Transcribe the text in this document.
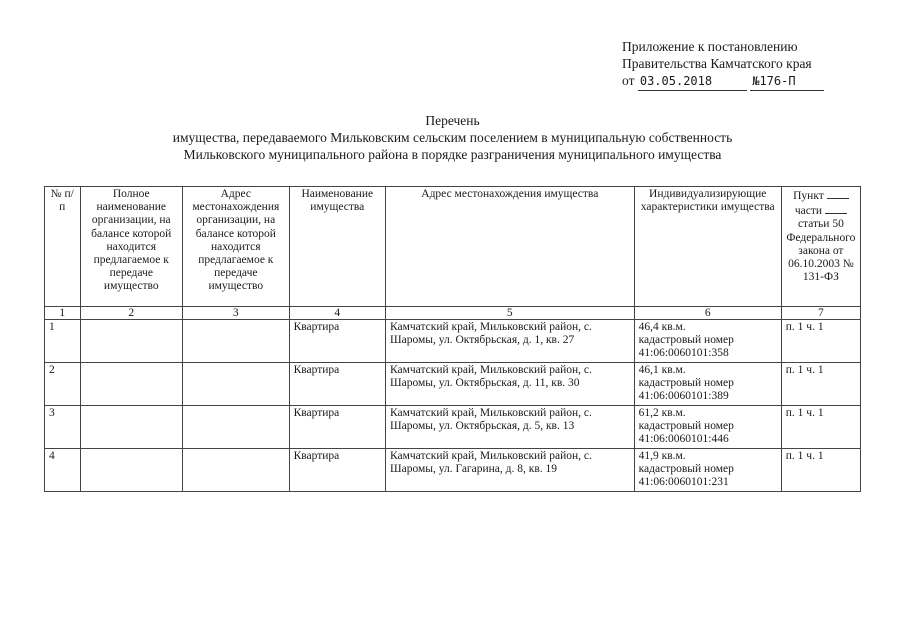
Приложение к постановлению
Правительства Камчатского края
от 03.05.2018	№176-П
Перечень
имущества, передаваемого Мильковским сельским поселением в муниципальную собственность
Мильковского муниципального района в порядке разграничения муниципального имущества
№ п/п	Полное наименование организации, на балансе которой находится предлагаемое к передаче имущество	Адрес местонахождения организации, на балансе которой находится предлагаемое к передаче имущество	Наименование имущества	Адрес местонахождения имущества	Индивидуализирующие характеристики имущества	Пункт
части
статьи 50 Федерального закона от 06.10.2003 № 131-ФЗ
1	2	3	4	5	6	7
1			Квартира	Камчатский край, Мильковский район, с. Шаромы, ул. Октябрьская, д. 1, кв. 27	46,4 кв.м.
кадастровый номер
41:06:0060101:358	п. 1 ч. 1
2			Квартира	Камчатский край, Мильковский район, с. Шаромы, ул. Октябрьская, д. 11, кв. 30	46,1 кв.м.
кадастровый номер
41:06:0060101:389	п. 1 ч. 1
3			Квартира	Камчатский край, Мильковский район, с. Шаромы, ул. Октябрьская, д. 5, кв. 13	61,2 кв.м.
кадастровый номер
41:06:0060101:446	п. 1 ч. 1
4			Квартира	Камчатский край, Мильковский район, с. Шаромы, ул. Гагарина, д. 8, кв. 19	41,9 кв.м.
кадастровый номер
41:06:0060101:231	п. 1 ч. 1
